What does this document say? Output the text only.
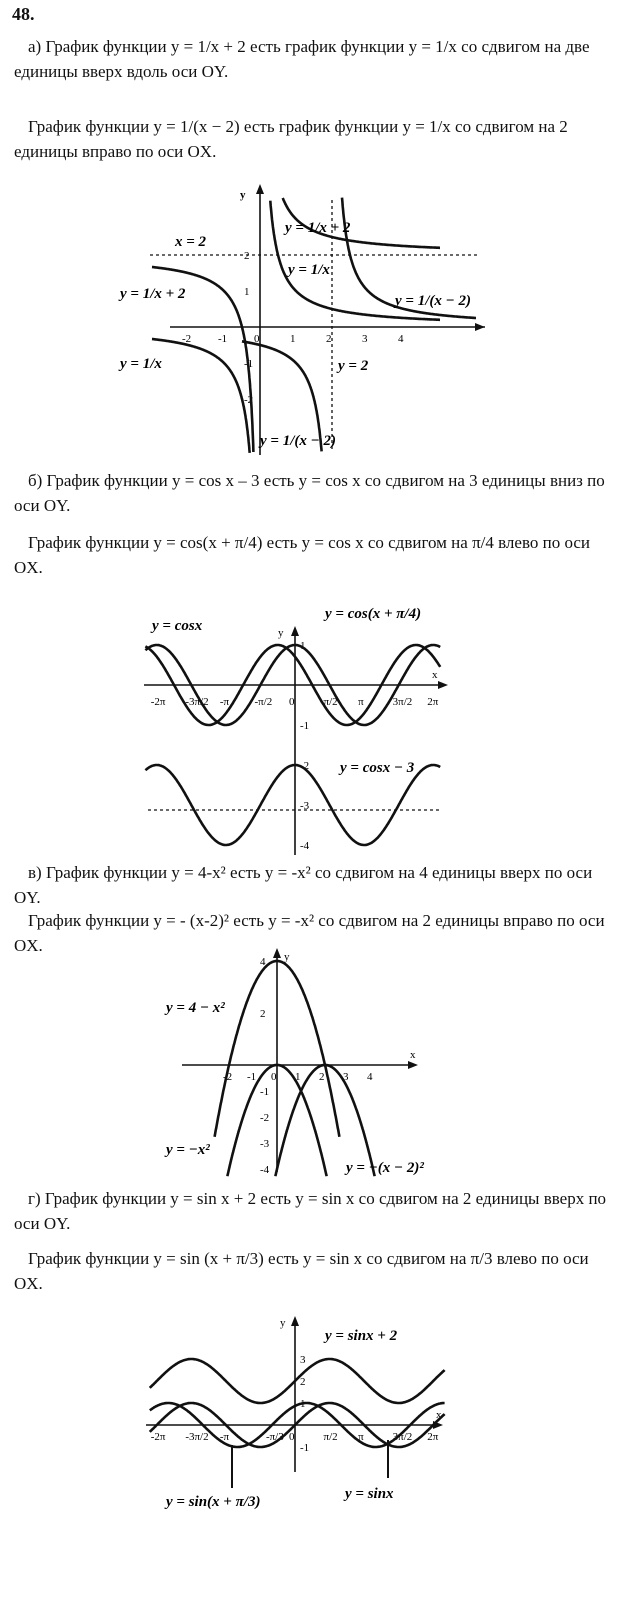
48.
а) График функции y = 1/x + 2 есть график функции y = 1/x со сдвигом на две единицы вверх вдоль оси OY.
График функции y = 1/(x − 2) есть график функции y = 1/x со сдвигом на 2 единицы вправо по оси OX.
y
-2 -1 0	1	2	3	4
2
1
-1
-2
x = 2
y = 1/x + 2
y = 1/x
y = 1/(x − 2)
y = 1/(x − 2)
y = 1/x + 2
y = 1/x
y = 2
б) График функции y = cos x – 3 есть y = cos x со сдвигом на 3 единицы вниз по оси OY.
График функции y = cos(x + π/4) есть y = cos x со сдвигом на π/4 влево по оси OX.
x
y
-2π -3π/2 -π -π/2 0	π/2 π	3π/2 2π
1
-1
-2
-3
-4
y = cosx
y = cos(x + π/4)
y = cosx − 3
в) График функции y = 4-x² есть y = -x² со сдвигом на 4 единицы вверх по оси OY.
График функции y = - (x-2)² есть y = -x² со сдвигом на 2 единицы вправо по оси OX.
x
y
-2 -1 0 1 2 3 4
4
2
-1
-2
-3
-4
y = 4 − x²
y = −x²
y = −(x − 2)²
г) График функции y = sin x + 2 есть y = sin x со сдвигом на 2 единицы вверх по оси OY.
График функции y = sin (x + π/3) есть y = sin x со сдвигом на π/3 влево по оси OX.
x
y
-2π -3π/2 -π	-π/3 0	π/2 π	3π/2 2π
3
2
1
-1
y = sinx + 2
y = sin(x + π/3)	y = sinx
